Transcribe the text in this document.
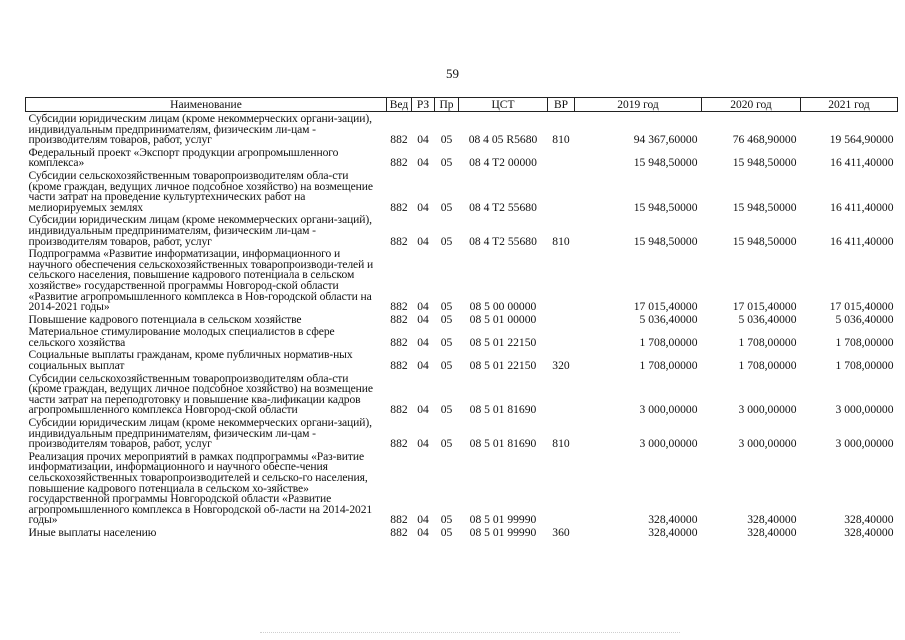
59
Наименование	Вед	РЗ	Пр	ЦСТ	ВР	2019 год	2020 год	2021 год
Субсидии юридическим лицам (кроме некоммерческих органи-зации), индивидуальным предпринимателям, физическим ли-цам - производителям товаров, работ, услуг	882	04	05	08 4 05 R5680	810	94 367,60000	76 468,90000	19 564,90000
Федеральный проект «Экспорт продукции агропромышленного комплекса»	882	04	05	08 4 T2 00000		15 948,50000	15 948,50000	16 411,40000
Субсидии сельскохозяйственным товаропроизводителям обла-сти (кроме граждан, ведущих личное подсобное хозяйство) на возмещение части затрат на проведение культуртехнических работ на мелиорируемых землях	882	04	05	08 4 T2 55680		15 948,50000	15 948,50000	16 411,40000
Субсидии юридическим лицам (кроме некоммерческих органи-заций), индивидуальным предпринимателям, физическим ли-цам - производителям товаров, работ, услуг	882	04	05	08 4 T2 55680	810	15 948,50000	15 948,50000	16 411,40000
Подпрограмма «Развитие информатизации, информационного и научного обеспечения сельскохозяйственных товаропроизводи-телей и сельского населения, повышение кадрового потенциала в сельском хозяйстве» государственной программы Новгород-ской области «Развитие агропромышленного комплекса в Нов-городской области на 2014-2021 годы»	882	04	05	08 5 00 00000		17 015,40000	17 015,40000	17 015,40000
Повышение кадрового потенциала в сельском хозяйстве	882	04	05	08 5 01 00000		5 036,40000	5 036,40000	5 036,40000
Материальное стимулирование молодых специалистов в сфере сельского хозяйства	882	04	05	08 5 01 22150		1 708,00000	1 708,00000	1 708,00000
Социальные выплаты гражданам, кроме публичных норматив-ных социальных выплат	882	04	05	08 5 01 22150	320	1 708,00000	1 708,00000	1 708,00000
Субсидии сельскохозяйственным товаропроизводителям обла-сти (кроме граждан, ведущих личное подсобное хозяйство) на возмещение части затрат на переподготовку и повышение ква-лификации кадров агропромышленного комплекса Новгород-ской области	882	04	05	08 5 01 81690		3 000,00000	3 000,00000	3 000,00000
Субсидии юридическим лицам (кроме некоммерческих органи-заций), индивидуальным предпринимателям, физическим ли-цам - производителям товаров, работ, услуг	882	04	05	08 5 01 81690	810	3 000,00000	3 000,00000	3 000,00000
Реализация прочих мероприятий в рамках подпрограммы «Раз-витие информатизации, информационного и научного обеспе-чения сельскохозяйственных товаропроизводителей и сельско-го населения, повышение кадрового потенциала в сельском хо-зяйстве» государственной программы Новгородской области «Развитие агропромышленного комплекса в Новгородской об-ласти на 2014-2021 годы»	882	04	05	08 5 01 99990		328,40000	328,40000	328,40000
Иные выплаты населению	882	04	05	08 5 01 99990	360	328,40000	328,40000	328,40000
